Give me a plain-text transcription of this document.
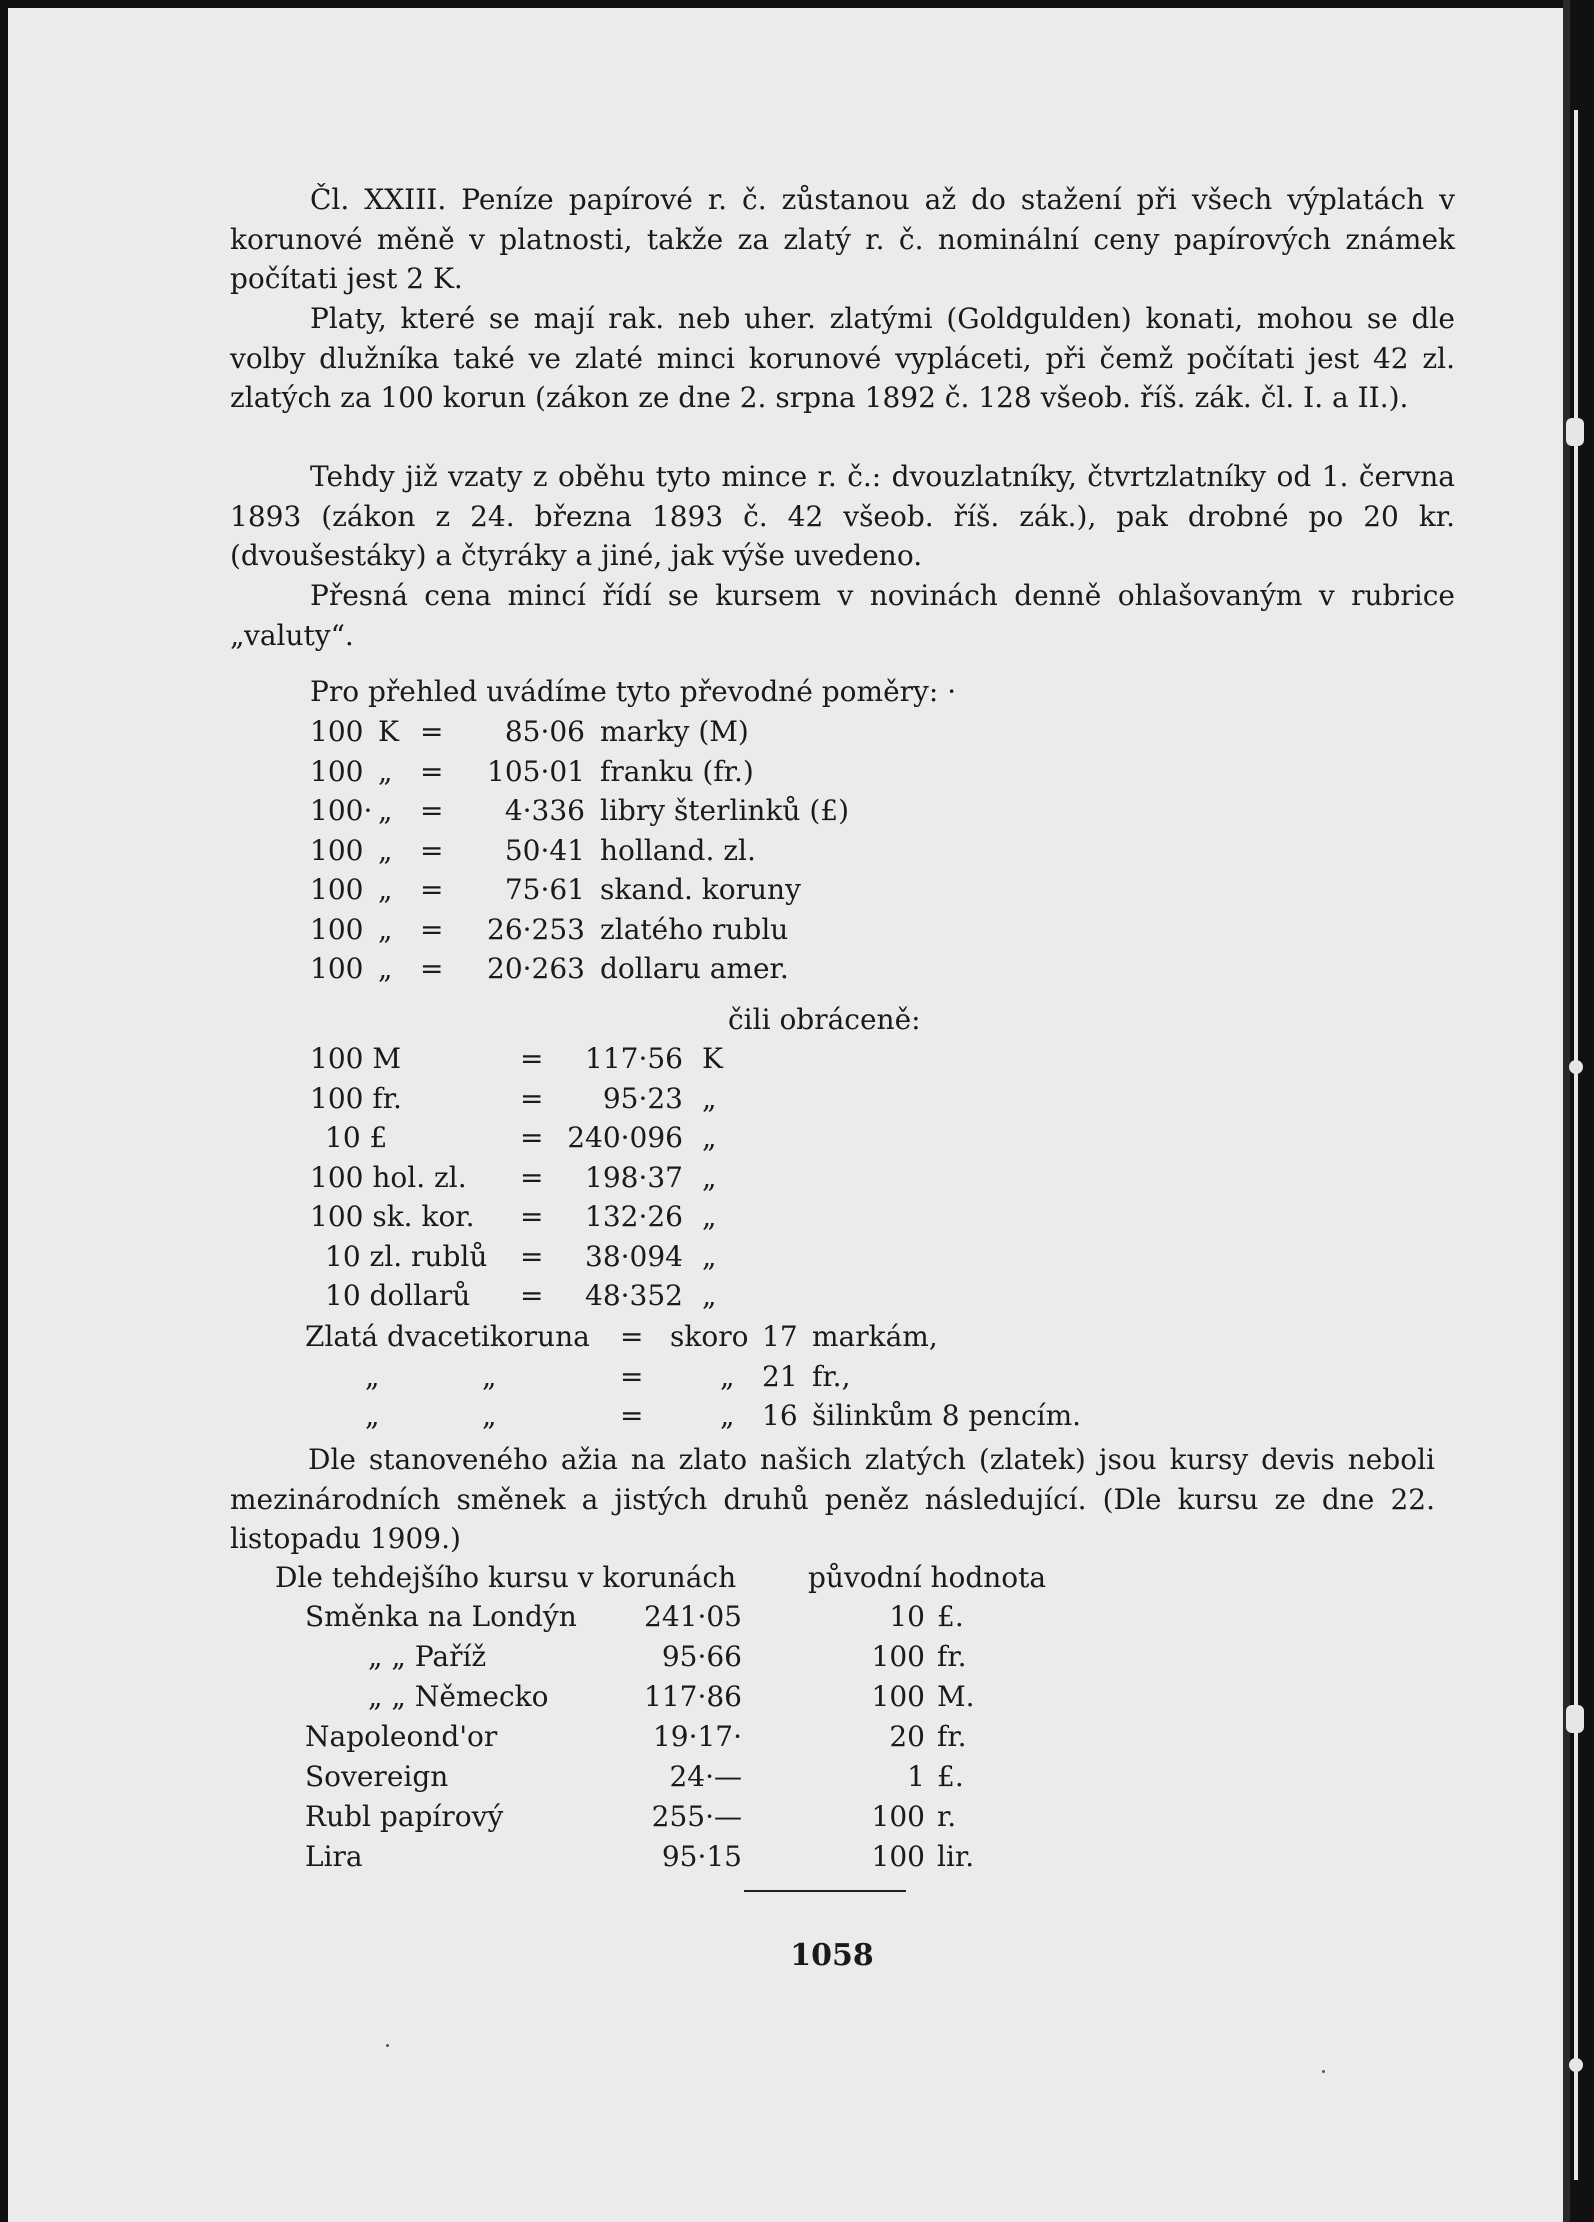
Čl. XXIII. Peníze papírové r. č. zůstanou až do stažení při všech výplatách v korunové měně v platnosti, takže za zlatý r. č. nominální ceny papírových známek počítati jest 2 K.
Platy, které se mají rak. neb uher. zlatými (Goldgulden) konati, mohou se dle volby dlužníka také ve zlaté minci korunové vypláceti, při čemž počítati jest 42 zl. zlatých za 100 korun (zákon ze dne 2. srpna 1892 č. 128 všeob. říš. zák. čl. I. a II.).
Tehdy již vzaty z oběhu tyto mince r. č.: dvouzlatníky, čtvrtzlatníky od 1. června 1893 (zákon z 24. března 1893 č. 42 všeob. říš. zák.), pak drobné po 20 kr. (dvoušestáky) a čtyráky a jiné, jak výše uvedeno.
Přesná cena mincí řídí se kursem v novinách denně ohlašovaným v rubrice „valuty“.
Pro přehled uvádíme tyto převodné poměry: ·
100 K =	85·06 marky (M)
100 „ =	105·01 franku (fr.)
100· „ =	4·336 libry šterlinků (£)
100 „ =	50·41 holland. zl.
100 „ =	75·61 skand. koruny
100 „ =	26·253 zlatého rublu
100 „ =	20·263 dollaru amer.
čili obráceně:
100 M	=	117·56 K
100 fr.	=	95·23 „
10 £	= 240·096 „
100 hol. zl. =	198·37 „
100 sk. kor. =	132·26 „
10 zl. rublů =	38·094 „
10 dollarů =	48·352 „
Zlatá dvacetikoruna = skoro 17 markám,
„	„	=	„ 21 fr.,
„	„	=	„ 16 šilinkům 8 pencím.
Dle stanoveného ažia na zlato našich zlatých (zlatek) jsou kursy devis neboli mezinárodních směnek a jistých druhů peněz následující. (Dle kursu ze dne 22. listopadu 1909.)
Dle tehdejšího kursu v korunách	původní hodnota
Směnka na Londýn	241·05	10 £.
„ „ Paříž	95·66	100 fr.
„ „ Německo	117·86	100 M.
Napoleond'or	19·17·	20 fr.
Sovereign	24·—	1 £.
Rubl papírový	255·—	100 r.
Lira	95·15	100 lir.
1058
